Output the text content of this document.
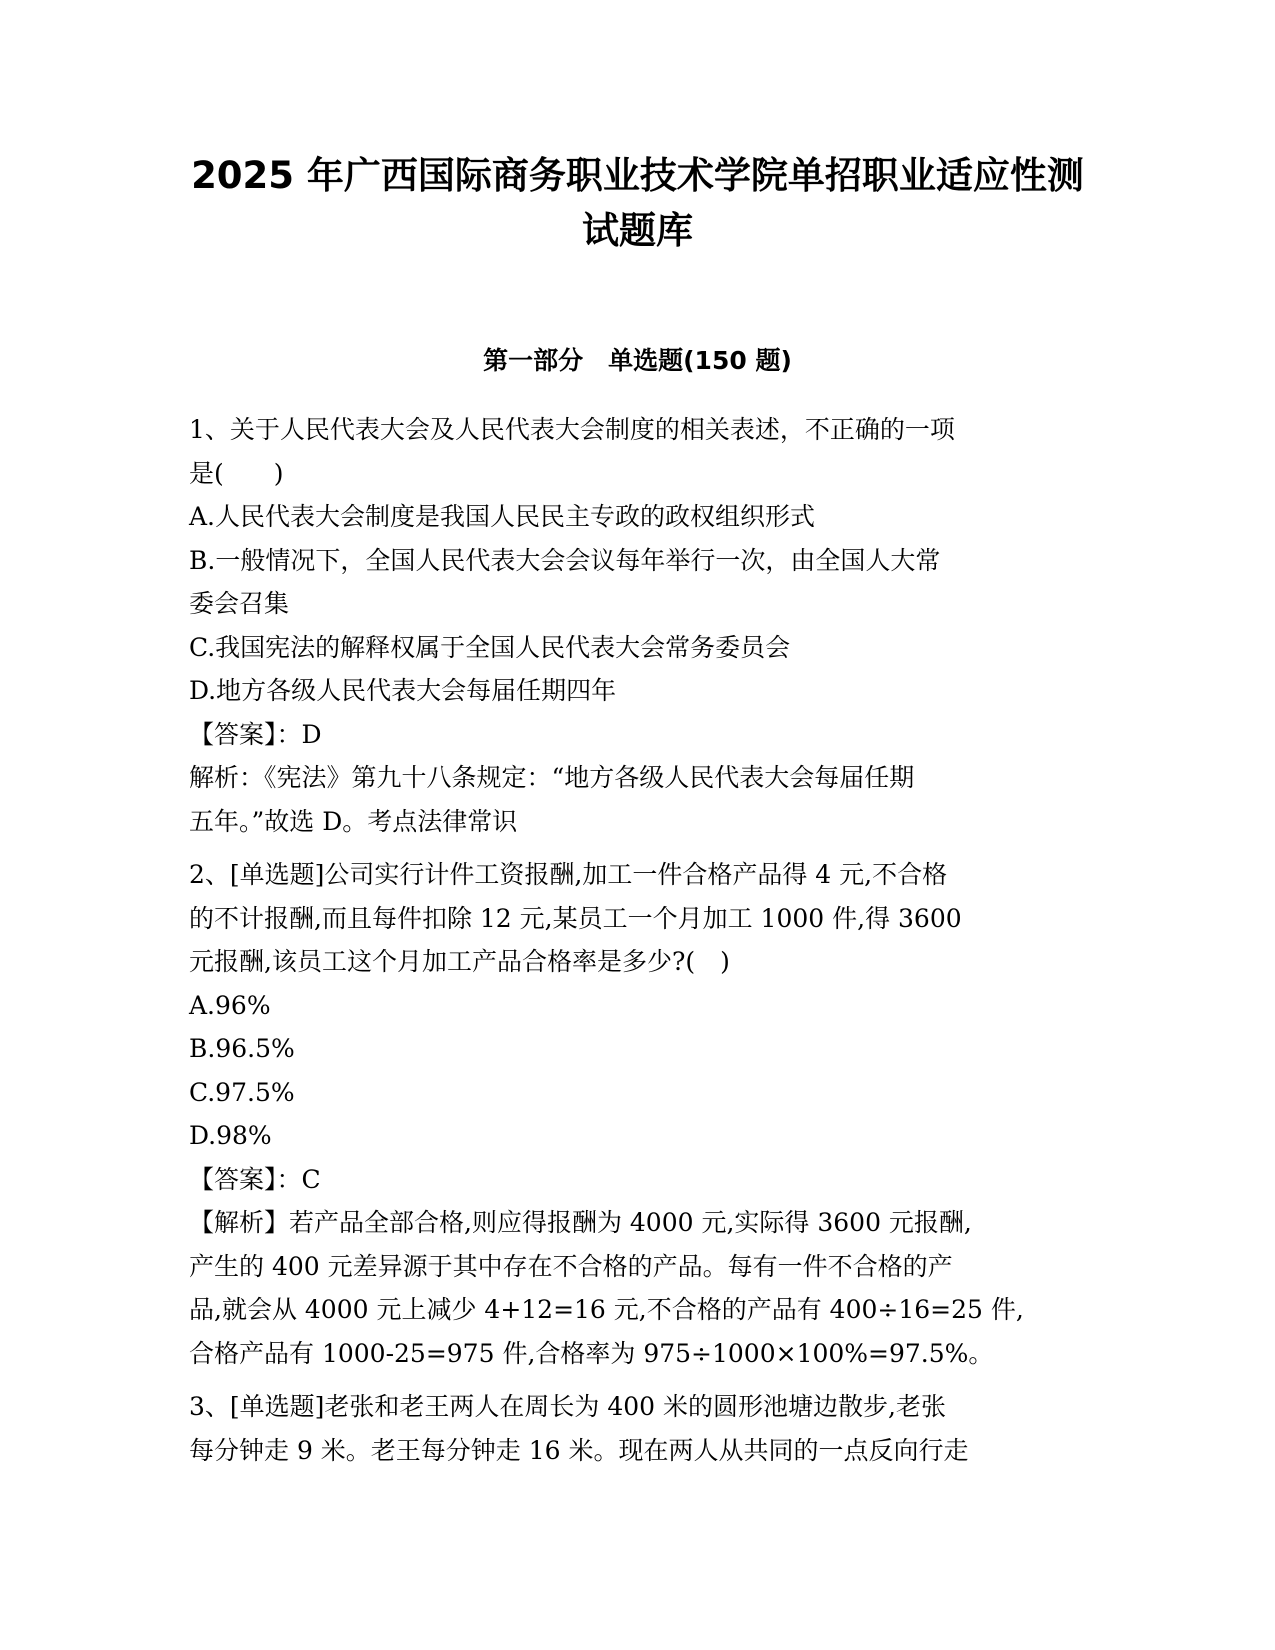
2025 年广西国际商务职业技术学院单招职业适应性测
试题库
第一部分　单选题(150 题)
1、关于人民代表大会及人民代表大会制度的相关表述，不正确的一项
是(　　)
A.人民代表大会制度是我国人民民主专政的政权组织形式
B.一般情况下，全国人民代表大会会议每年举行一次，由全国人大常
委会召集
C.我国宪法的解释权属于全国人民代表大会常务委员会
D.地方各级人民代表大会每届任期四年
【答案】：D
解析：《宪法》第九十八条规定：“地方各级人民代表大会每届任期
五年。”故选 D。考点法律常识
2、[单选题]公司实行计件工资报酬,加工一件合格产品得 4 元,不合格
的不计报酬,而且每件扣除 12 元,某员工一个月加工 1000 件,得 3600
元报酬,该员工这个月加工产品合格率是多少?(　)
A.96%
B.96.5%
C.97.5%
D.98%
【答案】：C
【解析】若产品全部合格,则应得报酬为 4000 元,实际得 3600 元报酬,
产生的 400 元差异源于其中存在不合格的产品。每有一件不合格的产
品,就会从 4000 元上减少 4+12=16 元,不合格的产品有 400÷16=25 件,
合格产品有 1000-25=975 件,合格率为 975÷1000×100%=97.5%。
3、[单选题]老张和老王两人在周长为 400 米的圆形池塘边散步,老张
每分钟走 9 米。老王每分钟走 16 米。现在两人从共同的一点反向行走
